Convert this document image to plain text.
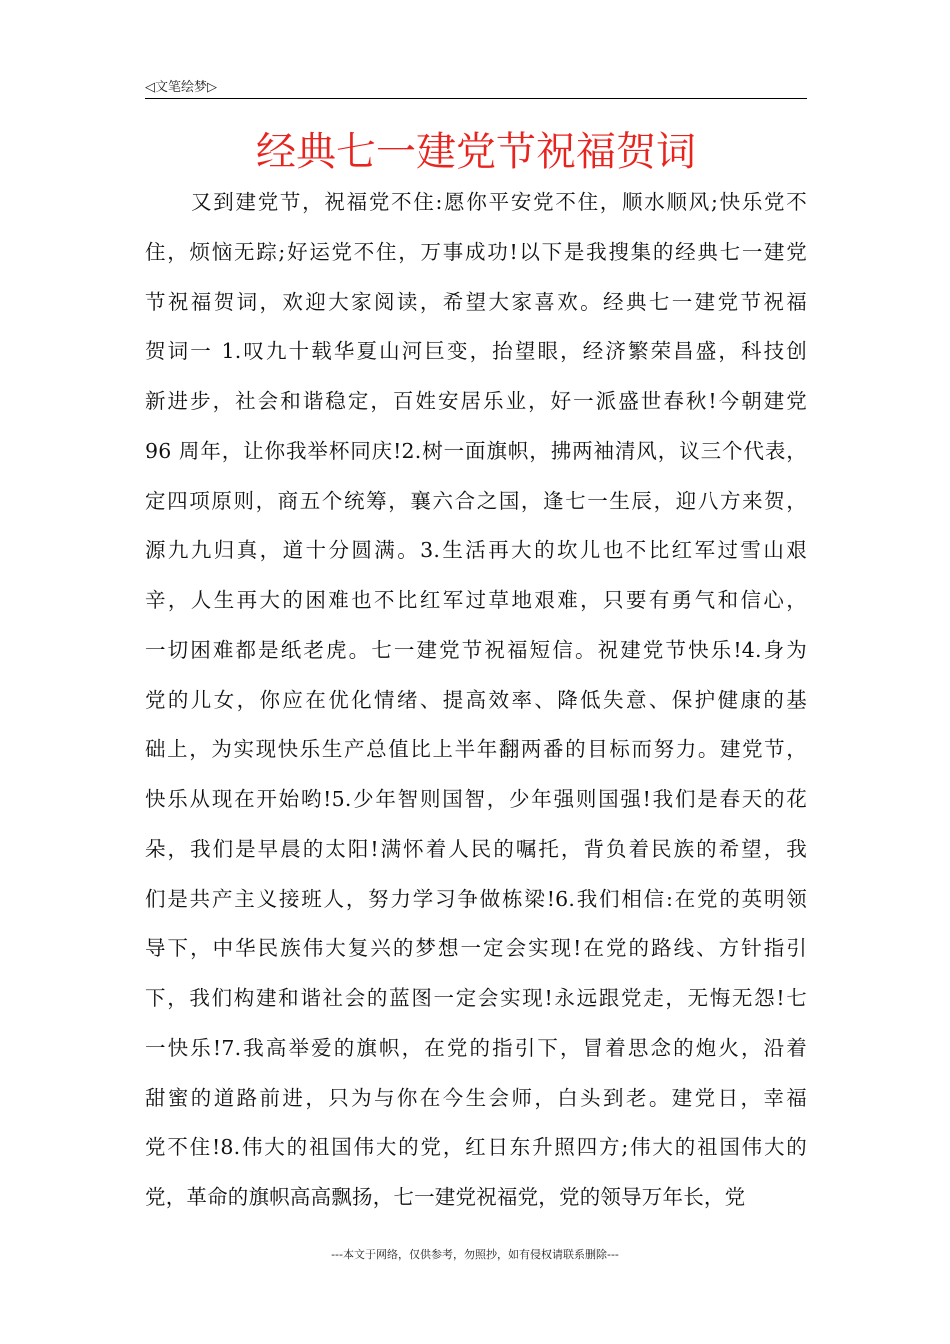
◁文笔绘梦▷
经典七一建党节祝福贺词
又到建党节，祝福党不住:愿你平安党不住，顺水顺风;快乐党不
住，烦恼无踪;好运党不住，万事成功!以下是我搜集的经典七一建党
节祝福贺词，欢迎大家阅读，希望大家喜欢。经典七一建党节祝福
贺词一 1.叹九十载华夏山河巨变，抬望眼，经济繁荣昌盛，科技创
新进步，社会和谐稳定，百姓安居乐业，好一派盛世春秋!今朝建党
96 周年，让你我举杯同庆!2.树一面旗帜，拂两袖清风，议三个代表，
定四项原则，商五个统筹，襄六合之国，逢七一生辰，迎八方来贺，
源九九归真，道十分圆满。3.生活再大的坎儿也不比红军过雪山艰
辛，人生再大的困难也不比红军过草地艰难，只要有勇气和信心，
一切困难都是纸老虎。七一建党节祝福短信。祝建党节快乐!4.身为
党的儿女，你应在优化情绪、提高效率、降低失意、保护健康的基
础上，为实现快乐生产总值比上半年翻两番的目标而努力。建党节，
快乐从现在开始哟!5.少年智则国智，少年强则国强!我们是春天的花
朵，我们是早晨的太阳!满怀着人民的嘱托，背负着民族的希望，我
们是共产主义接班人，努力学习争做栋梁!6.我们相信:在党的英明领
导下，中华民族伟大复兴的梦想一定会实现!在党的路线、方针指引
下，我们构建和谐社会的蓝图一定会实现!永远跟党走，无悔无怨!七
一快乐!7.我高举爱的旗帜，在党的指引下，冒着思念的炮火，沿着
甜蜜的道路前进，只为与你在今生会师，白头到老。建党日，幸福
党不住!8.伟大的祖国伟大的党，红日东升照四方;伟大的祖国伟大的
党，革命的旗帜高高飘扬，七一建党祝福党，党的领导万年长，党
---本文于网络，仅供参考，勿照抄，如有侵权请联系删除---
